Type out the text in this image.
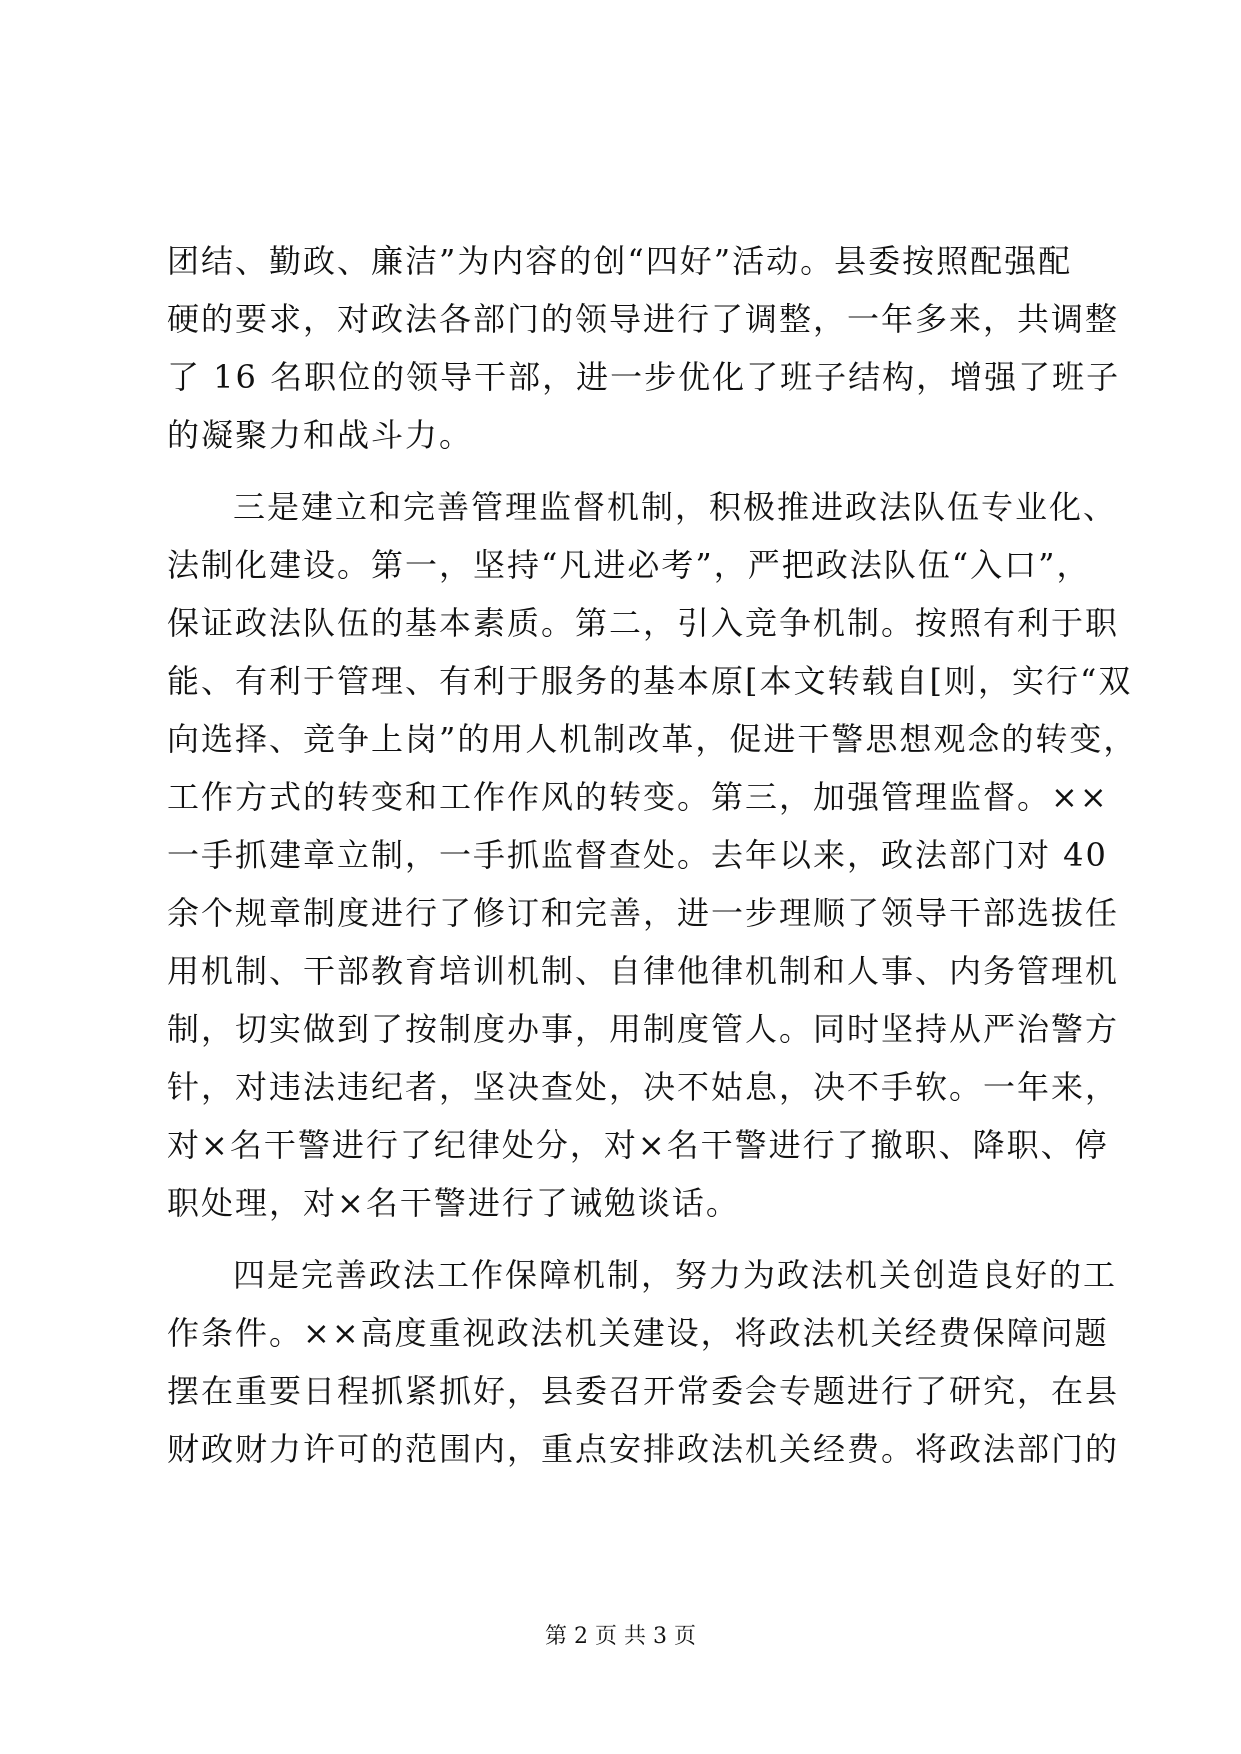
团结、勤政、廉洁”为内容的创“四好”活动。县委按照配强配
硬的要求，对政法各部门的领导进行了调整，一年多来，共调整
了 16 名职位的领导干部，进一步优化了班子结构，增强了班子
的凝聚力和战斗力。
三是建立和完善管理监督机制，积极推进政法队伍专业化、
法制化建设。第一，坚持“凡进必考”，严把政法队伍“入口”，
保证政法队伍的基本素质。第二，引入竞争机制。按照有利于职
能、有利于管理、有利于服务的基本原[本文转载自[则，实行“双
向选择、竞争上岗”的用人机制改革，促进干警思想观念的转变，
工作方式的转变和工作作风的转变。第三，加强管理监督。××
一手抓建章立制，一手抓监督查处。去年以来，政法部门对 40
余个规章制度进行了修订和完善，进一步理顺了领导干部选拔任
用机制、干部教育培训机制、自律他律机制和人事、内务管理机
制，切实做到了按制度办事，用制度管人。同时坚持从严治警方
针，对违法违纪者，坚决查处，决不姑息，决不手软。一年来，
对×名干警进行了纪律处分，对×名干警进行了撤职、降职、停
职处理，对×名干警进行了诫勉谈话。
四是完善政法工作保障机制，努力为政法机关创造良好的工
作条件。××高度重视政法机关建设，将政法机关经费保障问题
摆在重要日程抓紧抓好，县委召开常委会专题进行了研究，在县
财政财力许可的范围内，重点安排政法机关经费。将政法部门的
第 2 页 共 3 页
